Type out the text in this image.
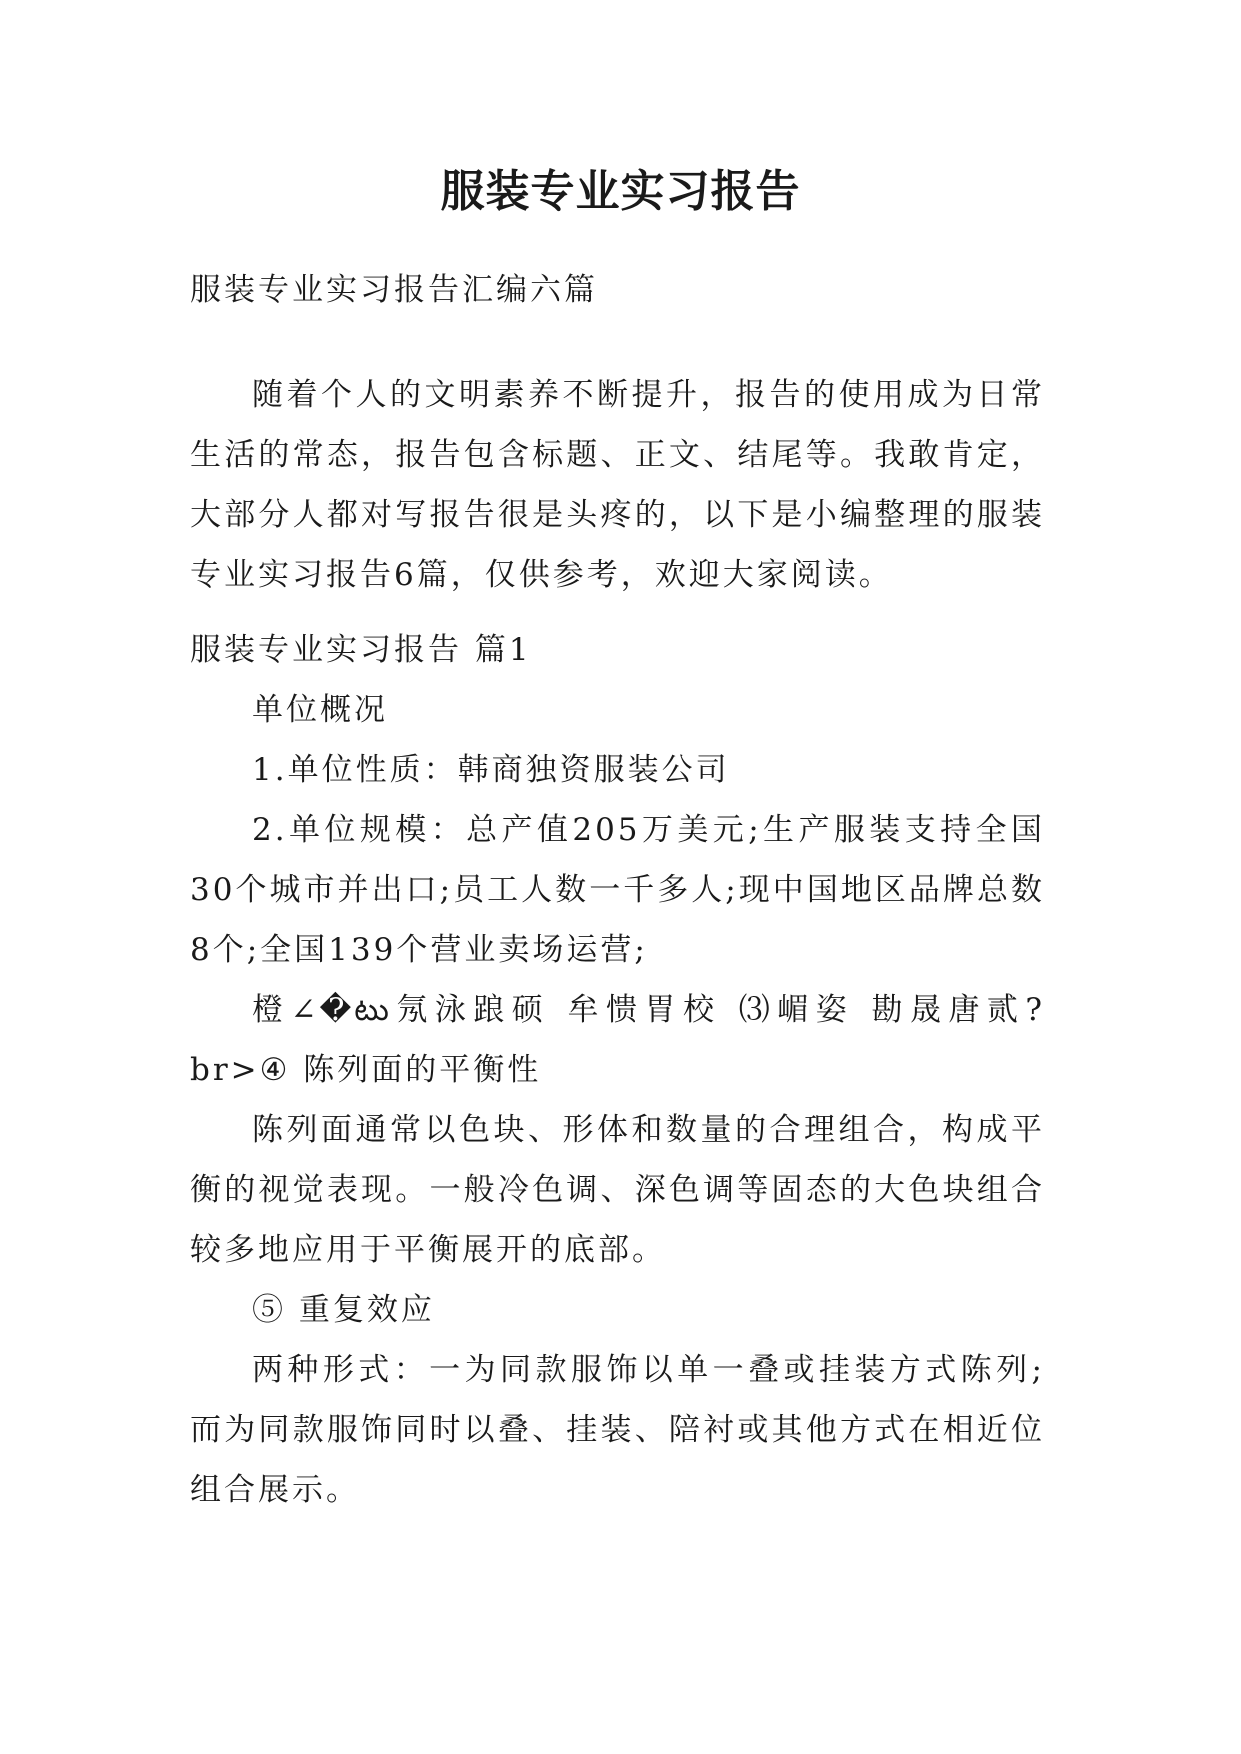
服装专业实习报告

服装专业实习报告汇编六篇

随着个人的文明素养不断提升，报告的使用成为日常生活的常态，报告包含标题、正文、结尾等。我敢肯定，大部分人都对写报告很是头疼的，以下是小编整理的服装专业实习报告6篇，仅供参考，欢迎大家阅读。

服装专业实习报告 篇1

单位概况

1.单位性质：韩商独资服装公司

2.单位规模：总产值205万美元;生产服装支持全国30个城市并出口;员工人数一千多人;现中国地区品牌总数8个;全国139个营业卖场运营;

橙∠�టు氖泳踉硕 牟愦胃校 ⑶嵋姿 勘晟唐贰?br>④ 陈列面的平衡性

陈列面通常以色块、形体和数量的合理组合，构成平衡的视觉表现。一般冷色调、深色调等固态的大色块组合较多地应用于平衡展开的底部。

⑤ 重复效应

两种形式：一为同款服饰以单一叠或挂装方式陈列;而为同款服饰同时以叠、挂装、陪衬或其他方式在相近位组合展示。
